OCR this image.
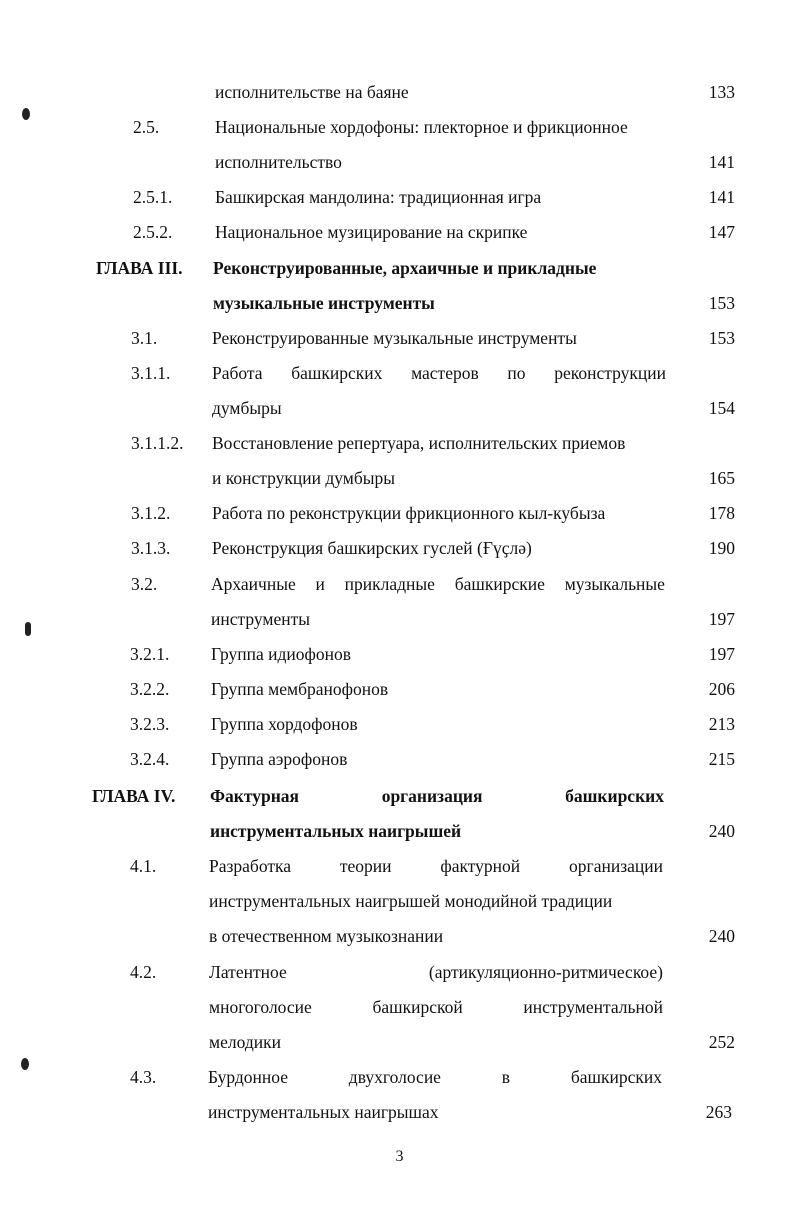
исполнительстве на баяне	133
2.5.	Национальные хордофоны: плекторное и фрикционное
исполнительство	141
2.5.1. Башкирская мандолина: традиционная игра	141
2.5.2. Национальное музицирование на скрипке	147
ГЛАВА III. Реконструированные, архаичные и прикладные
музыкальные инструменты	153
3.1.	Реконструированные музыкальные инструменты	153
3.1.1. Работа башкирских мастеров по реконструкции
думбыры	154
3.1.1.2. Восстановление репертуара, исполнительских приемов
и конструкции думбыры	165
3.1.2. Работа по реконструкции фрикционного кыл-кубыза	178
3.1.3. Реконструкция башкирских гуслей (Ғүҫлә)	190
3.2.	Архаичные и прикладные башкирские музыкальные
инструменты	197
3.2.1. Группа идиофонов	197
3.2.2. Группа мембранофонов	206
3.2.3. Группа хордофонов	213
3.2.4. Группа аэрофонов	215
ГЛАВА IV. Фактурная	организация	башкирских
инструментальных наигрышей	240
4.1.	Разработка	теории	фактурной	организации
инструментальных наигрышей монодийной традиции
в отечественном музыкознании	240
4.2.	Латентное	(артикуляционно-ритмическое)
многоголосие	башкирской	инструментальной
мелодики	252
4.3.	Бурдонное	двухголосие	в	башкирских
инструментальных наигрышах	263
3
